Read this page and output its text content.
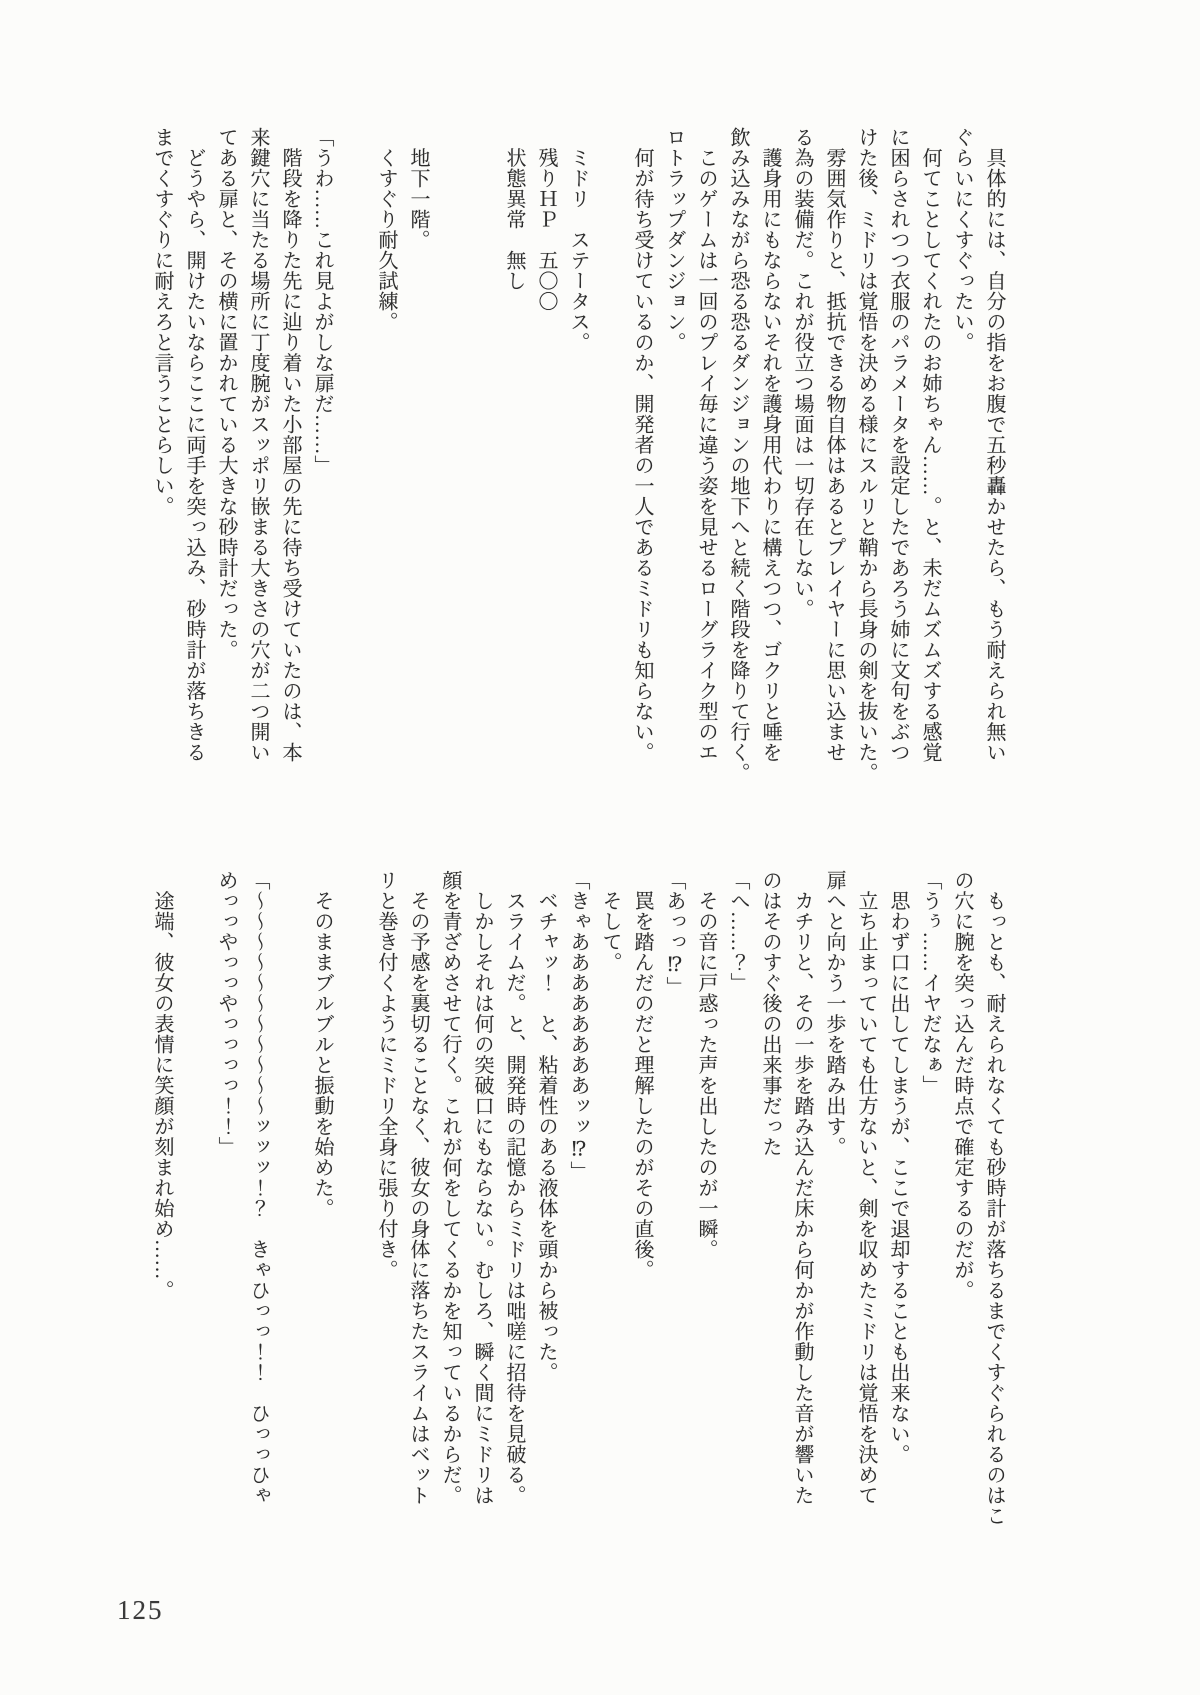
　具体的には、自分の指をお腹で五秒轟かせたら、もう耐えられ無い
ぐらいにくすぐったい。
　何てことしてくれたのお姉ちゃん……。と、未だムズムズする感覚
に困らされつつ衣服のパラメータを設定したであろう姉に文句をぶつ
けた後、ミドリは覚悟を決める様にスルリと鞘から長身の剣を抜いた。
　雰囲気作りと、抵抗できる物自体はあるとプレイヤーに思い込ませ
る為の装備だ。これが役立つ場面は一切存在しない。
　護身用にもならないそれを護身用代わりに構えつつ、ゴクリと唾を
飲み込みながら恐る恐るダンジョンの地下へと続く階段を降りて行く。
　このゲームは一回のプレイ毎に違う姿を見せるローグライク型のエ
ロトラップダンジョン。
　何が待ち受けているのか、開発者の一人であるミドリも知らない。

　ミドリ　ステータス。
　残りＨＰ　五〇〇
　状態異常　無し

　地下一階。
　くすぐり耐久試練。

「うわ……これ見よがしな扉だ……」
　階段を降りた先に辿り着いた小部屋の先に待ち受けていたのは、本
来鍵穴に当たる場所に丁度腕がスッポリ嵌まる大きさの穴が二つ開い
てある扉と、その横に置かれている大きな砂時計だった。
　どうやら、開けたいならここに両手を突っ込み、砂時計が落ちきる
までくすぐりに耐えろと言うことらしい。
　もっとも、耐えられなくても砂時計が落ちるまでくすぐられるのはこ
の穴に腕を突っ込んだ時点で確定するのだが。
「うぅ……イヤだなぁ」
　思わず口に出してしまうが、ここで退却することも出来ない。
　立ち止まっていても仕方ないと、剣を収めたミドリは覚悟を決めて
扉へと向かう一歩を踏み出す。
　カチリと、その一歩を踏み込んだ床から何かが作動した音が響いた
のはそのすぐ後の出来事だった
「へ……？」
　その音に戸惑った声を出したのが一瞬。
「あっっ⁉」
　罠を踏んだのだと理解したのがその直後。
　そして。
「きゃああああああああッッ⁉」
　ベチャッ！　と、粘着性のある液体を頭から被った。
　スライムだ。と、開発時の記憶からミドリは咄嗟に招待を見破る。
　しかしそれは何の突破口にもならない。むしろ、瞬く間にミドリは
顔を青ざめさせて行く。これが何をしてくるかを知っているからだ。
　その予感を裏切ることなく、彼女の身体に落ちたスライムはベット
リと巻き付くようにミドリ全身に張り付き。

　そのままブルブルと振動を始めた。

「～～～～～～～～～～～ッッッ！？　きゃひっっ！！　ひっっひゃ
めっっやっっやっっっっ！！」

　途端、彼女の表情に笑顔が刻まれ始め……。
125
